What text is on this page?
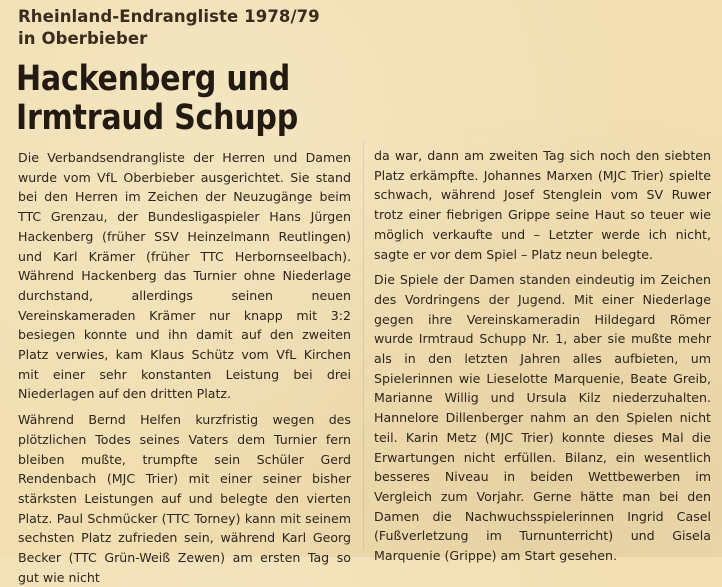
Rheinland-Endrangliste 1978/79
in Oberbieber
Hackenberg und
Irmtraud Schupp

Die Verbandsendrangliste der Herren und Damen wurde vom VfL Oberbieber ausgerichtet. Sie stand bei den Herren im Zeichen der Neuzugänge beim TTC Grenzau, der Bundesligaspieler Hans Jürgen Hackenberg (früher SSV Heinzelmann Reutlingen) und Karl Krämer (früher TTC Herbornseelbach). Während Hackenberg das Turnier ohne Niederlage durchstand, allerdings seinen neuen Vereinskameraden Krämer nur knapp mit 3:2 besiegen konnte und ihn damit auf den zweiten Platz verwies, kam Klaus Schütz vom VfL Kirchen mit einer sehr konstanten Leistung bei drei Niederlagen auf den dritten Platz.

Während Bernd Helfen kurzfristig wegen des plötzlichen Todes seines Vaters dem Turnier fern bleiben mußte, trumpfte sein Schüler Gerd Rendenbach (MJC Trier) mit einer seiner bisher stärksten Leistungen auf und belegte den vierten Platz. Paul Schmücker (TTC Torney) kann mit seinem sechsten Platz zufrieden sein, während Karl Georg Becker (TTC Grün-Weiß Zewen) am ersten Tag so gut wie nicht

da war, dann am zweiten Tag sich noch den siebten Platz erkämpfte. Johannes Marxen (MJC Trier) spielte schwach, während Josef Stenglein vom SV Ruwer trotz einer fiebrigen Grippe seine Haut so teuer wie möglich verkaufte und – Letzter werde ich nicht, sagte er vor dem Spiel – Platz neun belegte.

Die Spiele der Damen standen eindeutig im Zeichen des Vordringens der Jugend. Mit einer Niederlage gegen ihre Vereinskameradin Hildegard Römer wurde Irmtraud Schupp Nr. 1, aber sie mußte mehr als in den letzten Jahren alles aufbieten, um Spielerinnen wie Lieselotte Marquenie, Beate Greib, Marianne Willig und Ursula Kilz niederzuhalten. Hannelore Dillenberger nahm an den Spielen nicht teil. Karin Metz (MJC Trier) konnte dieses Mal die Erwartungen nicht erfüllen. Bilanz, ein wesentlich besseres Niveau in beiden Wettbewerben im Vergleich zum Vorjahr. Gerne hätte man bei den Damen die Nachwuchsspielerinnen Ingrid Casel (Fußverletzung im Turnunterricht) und Gisela Marquenie (Grippe) am Start gesehen.
